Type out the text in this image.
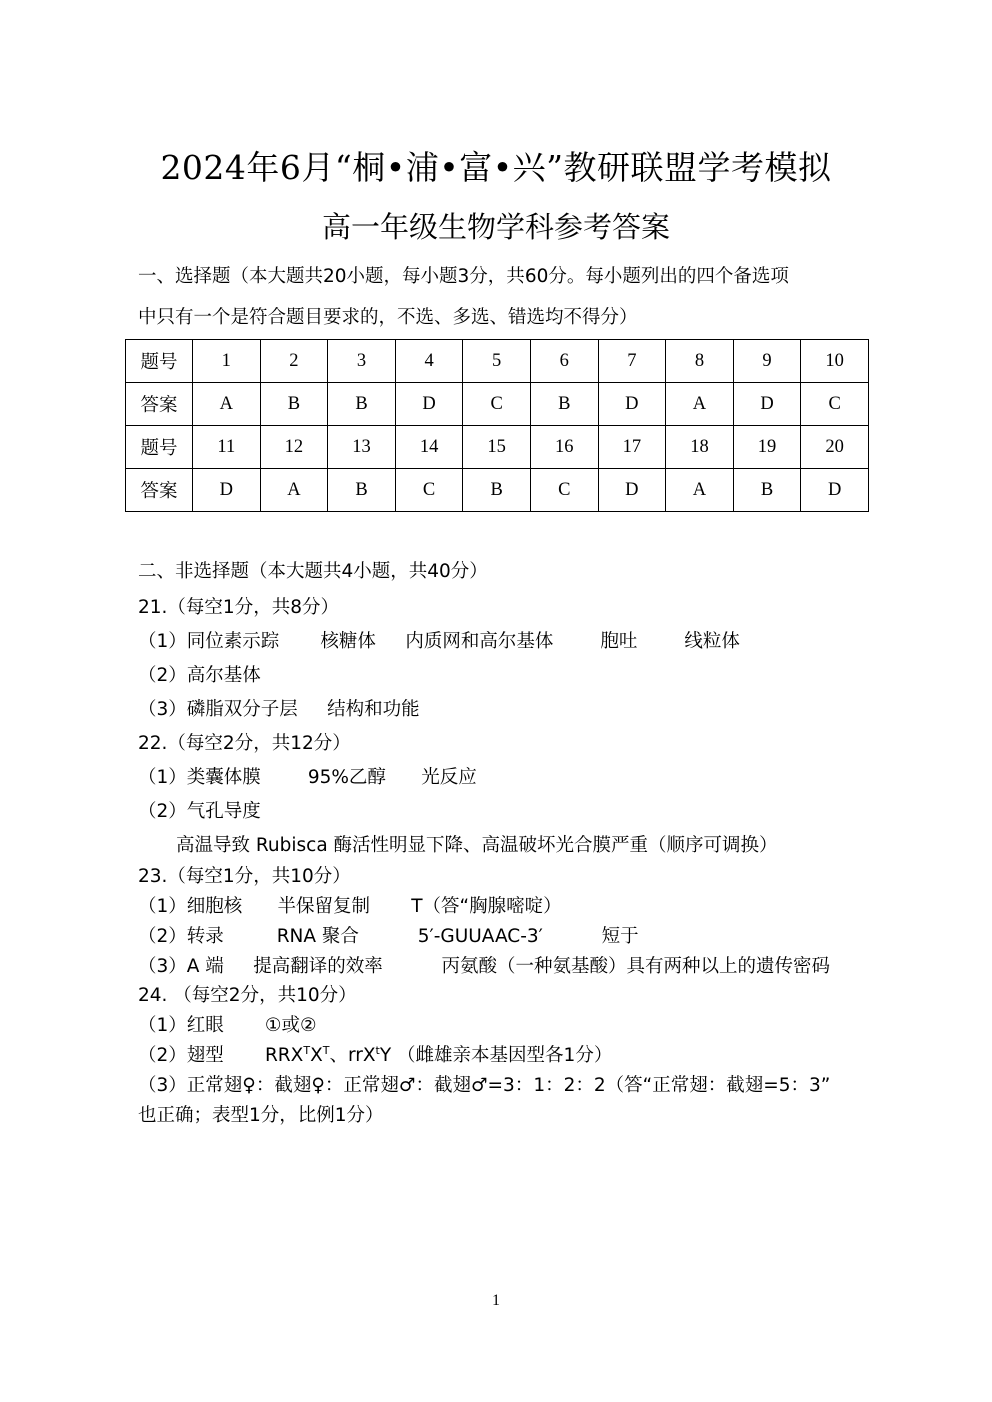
2024年6月“桐•浦•富•兴”教研联盟学考模拟
高一年级生物学科参考答案
一、选择题（本大题共20小题，每小题3分，共60分。每小题列出的四个备选项
中只有一个是符合题目要求的，不选、多选、错选均不得分）
题号	1	2	3	4	5	6	7	8	9	10
答案	A	B	B	D	C	B	D	A	D	C
题号	11	12	13	14	15	16	17	18	19	20
答案	D	A	B	C	B	C	D	A	B	D
二、非选择题（本大题共4小题，共40分）
21.（每空1分，共8分）
（1）同位素示踪       核糖体     内质网和高尔基体        胞吐        线粒体
（2）高尔基体
（3）磷脂双分子层     结构和功能
22.（每空2分，共12分）
（1）类囊体膜        95%乙醇      光反应
（2）气孔导度
高温导致 Rubisca 酶活性明显下降、高温破坏光合膜严重（顺序可调换）
23.（每空1分，共10分）
（1）细胞核      半保留复制       T（答“胸腺嘧啶）
（2）转录         RNA 聚合          5′-GUUAAC-3′          短于
（3）A 端     提高翻译的效率          丙氨酸（一种氨基酸）具有两种以上的遗传密码
24. （每空2分，共10分）
（1）红眼       ①或②
（2）翅型       $RRX^TX^T$、rrX$^t$Y （雌雄亲本基因型各1分）
（3）正常翅♀：截翅♀：正常翅♂：截翅♂=3：1：2：2（答“正常翅：截翅=5：3”
也正确；表型1分，比例1分）
1
